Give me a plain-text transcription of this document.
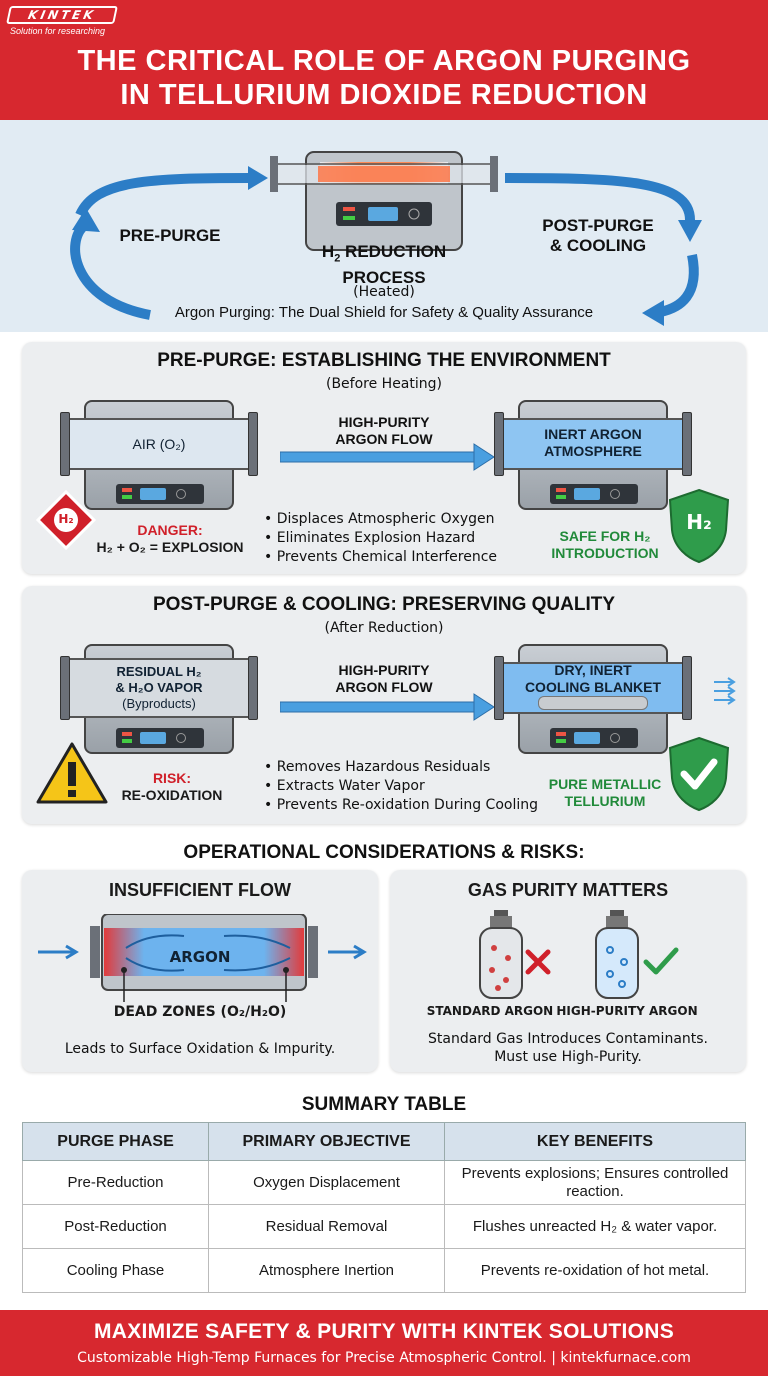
KINTEK
Solution for researching
THE CRITICAL ROLE OF ARGON PURGING
IN TELLURIUM DIOXIDE REDUCTION
PRE-PURGE
$H_2$ REDUCTION
PROCESS
(Heated)
POST-PURGE
& COOLING
Argon Purging: The Dual Shield for Safety & Quality Assurance
PRE-PURGE: ESTABLISHING THE ENVIRONMENT
(Before Heating)
AIR (O₂)
HIGH-PURITY
ARGON FLOW	INERT ARGON
ATMOSPHERE
H₂
DANGER:
H₂ + O₂ = EXPLOSION
• Displaces Atmospheric Oxygen
• Eliminates Explosion Hazard
• Prevents Chemical Interference
SAFE FOR H₂
INTRODUCTION
H₂
POST-PURGE & COOLING: PRESERVING QUALITY
(After Reduction)
RESIDUAL H₂
& H₂O VAPOR
(Byproducts)
HIGH-PURITY
ARGON FLOW
DRY, INERT
COOLING BLANKET
RISK:
RE-OXIDATION
• Removes Hazardous Residuals
• Extracts Water Vapor
• Prevents Re-oxidation During Cooling
PURE METALLIC
TELLURIUM
OPERATIONAL CONSIDERATIONS & RISKS:
INSUFFICIENT FLOW
ARGON
DEAD ZONES (O₂/H₂O)
Leads to Surface Oxidation & Impurity.
GAS PURITY MATTERS
STANDARD ARGON HIGH-PURITY ARGON
Standard Gas Introduces Contaminants.
Must use High-Purity.
SUMMARY TABLE
PURGE PHASE	PRIMARY OBJECTIVE	KEY BENEFITS
Pre-Reduction	Oxygen Displacement	Prevents explosions; Ensures controlled reaction.
Post-Reduction	Residual Removal	Flushes unreacted H₂ & water vapor.
Cooling Phase	Atmosphere Inertion	Prevents re-oxidation of hot metal.
MAXIMIZE SAFETY & PURITY WITH KINTEK SOLUTIONS
Customizable High-Temp Furnaces for Precise Atmospheric Control. | kintekfurnace.com
